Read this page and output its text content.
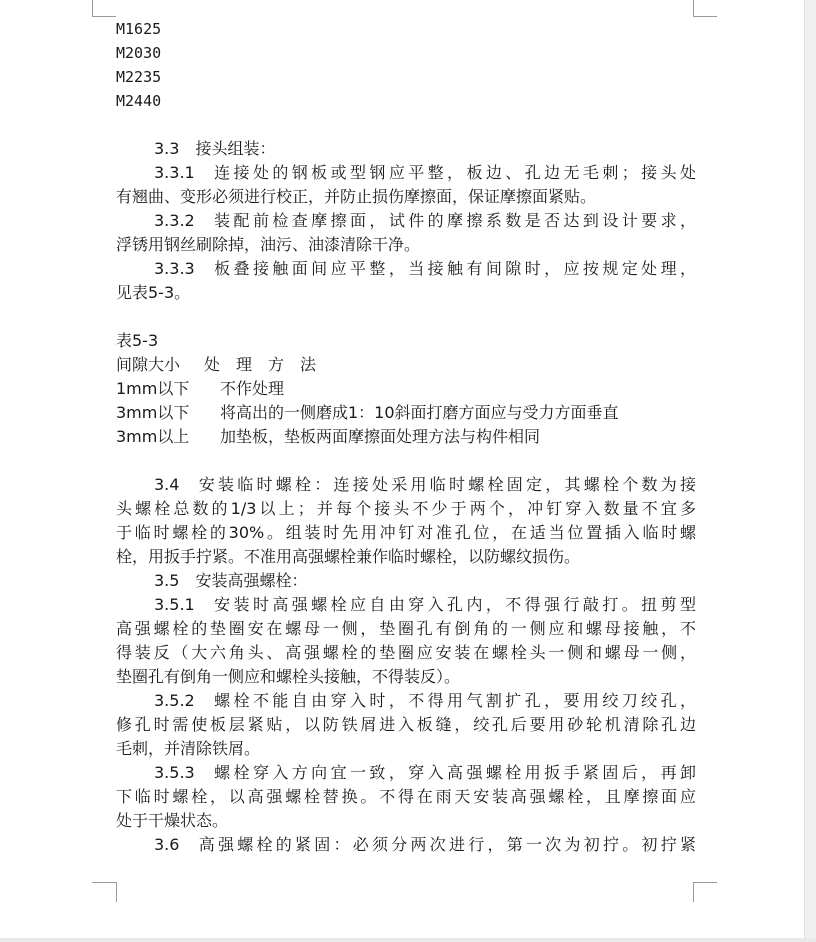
M1625
M2030
M2235
M2440
3.3 接头组装：
3.3.1 连接处的钢板或型钢应平整，板边、孔边无毛刺；接头处
有翘曲、变形必须进行校正，并防止损伤摩擦面，保证摩擦面紧贴。
3.3.2 装配前检查摩擦面，试件的摩擦系数是否达到设计要求，
浮锈用钢丝刷除掉，油污、油漆清除干净。
3.3.3 板叠接触面间应平整，当接触有间隙时，应按规定处理，
见表5-3。
表5-3
间隙大小	处　理　方　法
1mm以下	不作处理
3mm以下	将高出的一侧磨成1：10斜面打磨方面应与受力方面垂直
3mm以上	加垫板，垫板两面摩擦面处理方法与构件相同
3.4 安装临时螺栓：连接处采用临时螺栓固定，其螺栓个数为接
头螺栓总数的1/3以上；并每个接头不少于两个，冲钉穿入数量不宜多
于临时螺栓的30%。组装时先用冲钉对准孔位，在适当位置插入临时螺
栓，用扳手拧紧。不准用高强螺栓兼作临时螺栓，以防螺纹损伤。
3.5 安装高强螺栓：
3.5.1 安装时高强螺栓应自由穿入孔内，不得强行敲打。扭剪型
高强螺栓的垫圈安在螺母一侧，垫圈孔有倒角的一侧应和螺母接触，不
得装反（大六角头、高强螺栓的垫圈应安装在螺栓头一侧和螺母一侧，
垫圈孔有倒角一侧应和螺栓头接触，不得装反）。
3.5.2 螺栓不能自由穿入时，不得用气割扩孔，要用绞刀绞孔，
修孔时需使板层紧贴，以防铁屑进入板缝，绞孔后要用砂轮机清除孔边
毛刺，并清除铁屑。
3.5.3 螺栓穿入方向宜一致，穿入高强螺栓用扳手紧固后，再卸
下临时螺栓，以高强螺栓替换。不得在雨天安装高强螺栓，且摩擦面应
处于干燥状态。
3.6 高强螺栓的紧固：必须分两次进行，第一次为初拧。初拧紧
